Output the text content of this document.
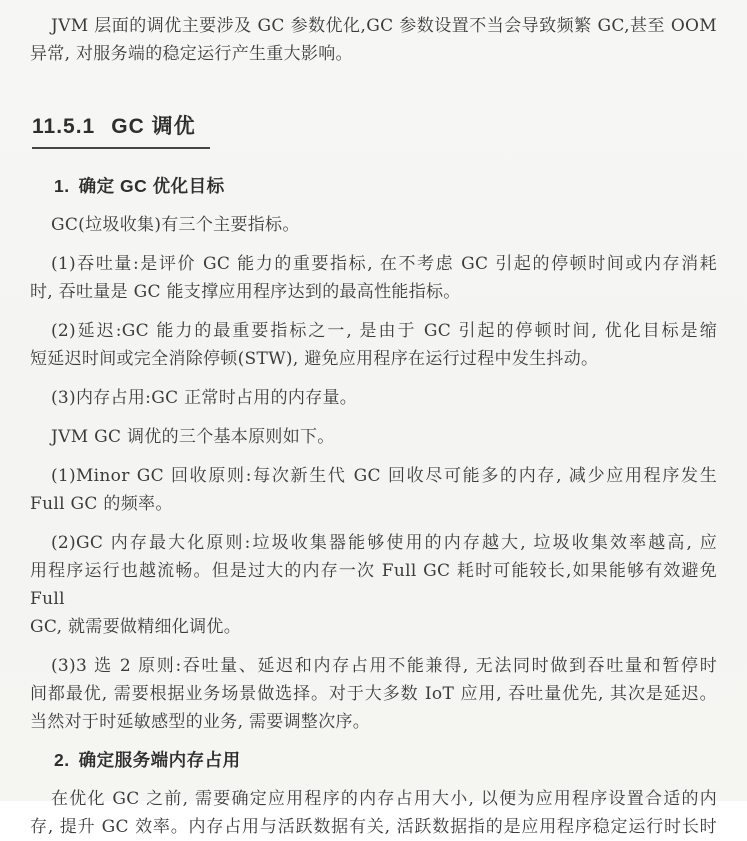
JVM 层面的调优主要涉及 GC 参数优化,GC 参数设置不当会导致频繁 GC,甚至 OOM
异常, 对服务端的稳定运行产生重大影响。

11.5.1 GC 调优
1. 确定 GC 优化目标

GC(垃圾收集)有三个主要指标。

(1)吞吐量:是评价 GC 能力的重要指标, 在不考虑 GC 引起的停顿时间或内存消耗
时, 吞吐量是 GC 能支撑应用程序达到的最高性能指标。

(2)延迟:GC 能力的最重要指标之一, 是由于 GC 引起的停顿时间, 优化目标是缩
短延迟时间或完全消除停顿(STW), 避免应用程序在运行过程中发生抖动。

(3)内存占用:GC 正常时占用的内存量。

JVM GC 调优的三个基本原则如下。

(1)Minor GC 回收原则:每次新生代 GC 回收尽可能多的内存, 减少应用程序发生
Full GC 的频率。

(2)GC 内存最大化原则:垃圾收集器能够使用的内存越大, 垃圾收集效率越高, 应
用程序运行也越流畅。但是过大的内存一次 Full GC 耗时可能较长,如果能够有效避免 Full
GC, 就需要做精细化调优。

(3)3 选 2 原则:吞吐量、延迟和内存占用不能兼得, 无法同时做到吞吐量和暂停时
间都最优, 需要根据业务场景做选择。对于大多数 IoT 应用, 吞吐量优先, 其次是延迟。
当然对于时延敏感型的业务, 需要调整次序。

2. 确定服务端内存占用

在优化 GC 之前, 需要确定应用程序的内存占用大小, 以便为应用程序设置合适的内
存, 提升 GC 效率。内存占用与活跃数据有关, 活跃数据指的是应用程序稳定运行时长时
